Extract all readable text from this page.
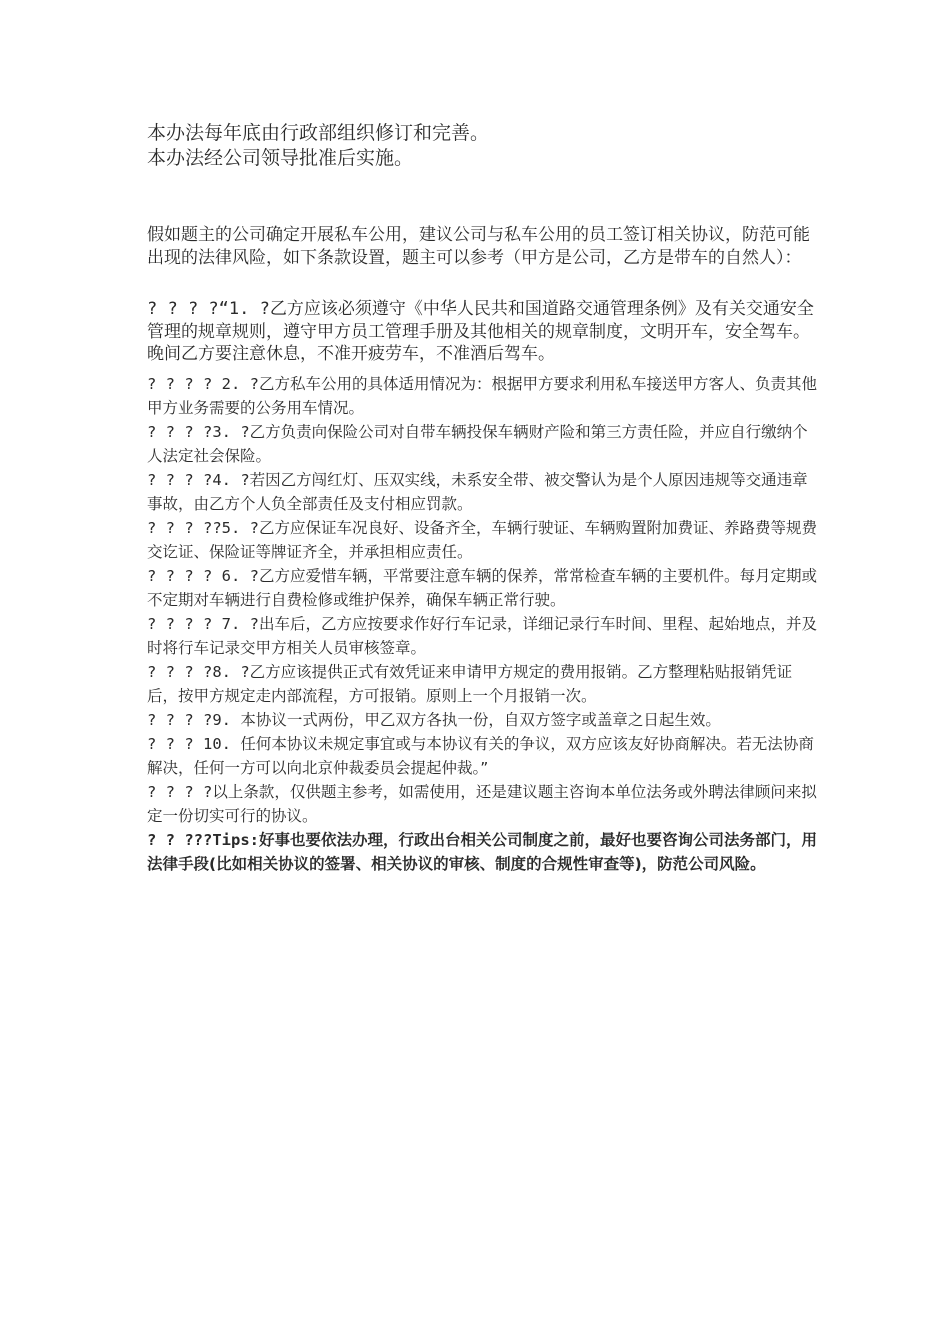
本办法每年底由行政部组织修订和完善。

本办法经公司领导批准后实施。

假如题主的公司确定开展私车公用，建议公司与私车公用的员工签订相关协议，防范可能出现的法律风险，如下条款设置，题主可以参考（甲方是公司，乙方是带车的自然人）：

? ? ? ?“1. ?乙方应该必须遵守《中华人民共和国道路交通管理条例》及有关交通安全管理的规章规则，遵守甲方员工管理手册及其他相关的规章制度，文明开车，安全驾车。晚间乙方要注意休息，不准开疲劳车，不准酒后驾车。

? ? ? ? 2. ?乙方私车公用的具体适用情况为：根据甲方要求利用私车接送甲方客人、负责其他甲方业务需要的公务用车情况。

? ? ? ?3. ?乙方负责向保险公司对自带车辆投保车辆财产险和第三方责任险，并应自行缴纳个人法定社会保险。

? ? ? ?4. ?若因乙方闯红灯、压双实线，未系安全带、被交警认为是个人原因违规等交通违章事故，由乙方个人负全部责任及支付相应罚款。

? ? ? ??5. ?乙方应保证车况良好、设备齐全，车辆行驶证、车辆购置附加费证、养路费等规费交讫证、保险证等牌证齐全，并承担相应责任。

? ? ? ? 6. ?乙方应爱惜车辆，平常要注意车辆的保养，常常检查车辆的主要机件。每月定期或不定期对车辆进行自费检修或维护保养，确保车辆正常行驶。

? ? ? ? 7. ?出车后，乙方应按要求作好行车记录，详细记录行车时间、里程、起始地点，并及时将行车记录交甲方相关人员审核签章。

? ? ? ?8. ?乙方应该提供正式有效凭证来申请甲方规定的费用报销。乙方整理粘贴报销凭证后，按甲方规定走内部流程，方可报销。原则上一个月报销一次。

? ? ? ?9. 本协议一式两份，甲乙双方各执一份，自双方签字或盖章之日起生效。

? ? ? 10. 任何本协议未规定事宜或与本协议有关的争议，双方应该友好协商解决。若无法协商解决，任何一方可以向北京仲裁委员会提起仲裁。”

? ? ? ?以上条款，仅供题主参考，如需使用，还是建议题主咨询本单位法务或外聘法律顾问来拟定一份切实可行的协议。

? ? ???Tips:好事也要依法办理，行政出台相关公司制度之前，最好也要咨询公司法务部门，用法律手段(比如相关协议的签署、相关协议的审核、制度的合规性审查等)，防范公司风险。
